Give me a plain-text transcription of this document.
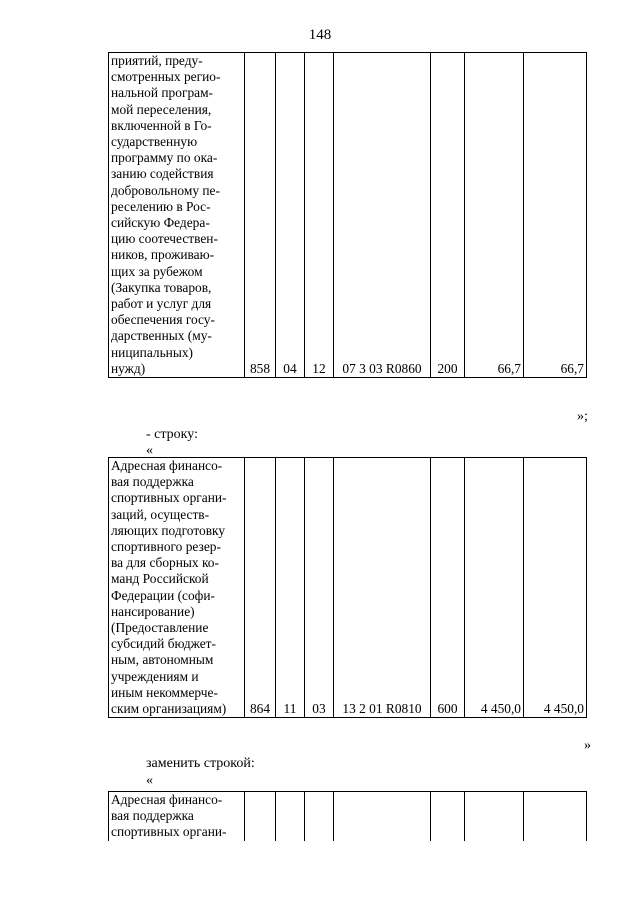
148
приятий, преду-
смотренных регио-
нальной програм-
мой переселения,
включенной в Го-
сударственную
программу по ока-
занию содействия
добровольному пе-
реселению в Рос-
сийскую Федера-
цию соотечествен-
ников, проживаю-
щих за рубежом
(Закупка товаров,
работ и услуг для
обеспечения госу-
дарственных (му-
ниципальных)
нужд)	858	04	12	07 3 03 R0860	200	66,7	66,7
»;
- строку:
«
Адресная финансо-
вая поддержка
спортивных органи-
заций, осуществ-
ляющих подготовку
спортивного резер-
ва для сборных ко-
манд Российской
Федерации (софи-
нансирование)
(Предоставление
субсидий бюджет-
ным, автономным
учреждениям и
иным некоммерче-
ским организациям)	864	11	03	13 2 01 R0810	600	4 450,0	4 450,0
»
заменить строкой:
«
Адресная финансо-
вая поддержка
спортивных органи-
